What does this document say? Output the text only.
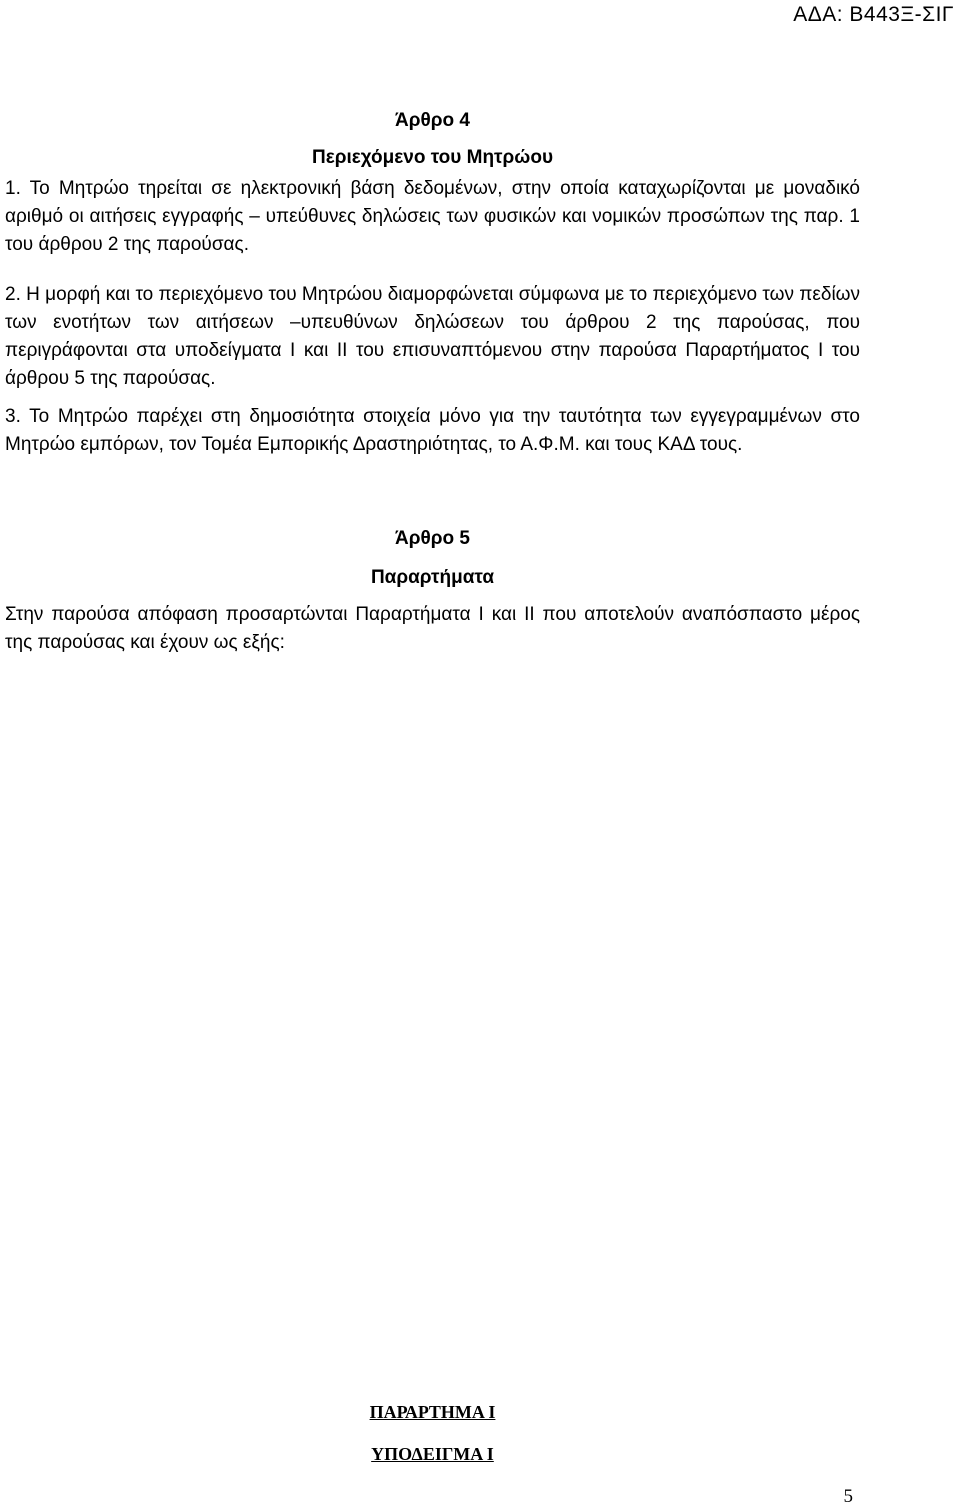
ΑΔΑ: Β443Ξ-ΣΙΓ

Άρθρο 4

Περιεχόμενο του Μητρώου

1. Το Μητρώο τηρείται σε ηλεκτρονική βάση δεδομένων, στην οποία καταχωρίζονται με μοναδικό αριθμό οι αιτήσεις εγγραφής – υπεύθυνες δηλώσεις των φυσικών και νομικών προσώπων της παρ. 1 του άρθρου 2 της παρούσας.

2. Η μορφή και το περιεχόμενο του Μητρώου διαμορφώνεται σύμφωνα με το περιεχόμενο των πεδίων των ενοτήτων των αιτήσεων –υπευθύνων δηλώσεων του άρθρου 2 της παρούσας, που περιγράφονται στα υποδείγματα Ι και ΙΙ του επισυναπτόμενου στην παρούσα Παραρτήματος Ι του άρθρου 5 της παρούσας.

3. Το Μητρώο παρέχει στη δημοσιότητα στοιχεία μόνο για την ταυτότητα των εγγεγραμμένων στο Μητρώο εμπόρων, τον Τομέα Εμπορικής Δραστηριότητας, το Α.Φ.Μ. και τους ΚΑΔ τους.

Άρθρο 5

Παραρτήματα

Στην παρούσα απόφαση προσαρτώνται Παραρτήματα Ι και ΙΙ που αποτελούν αναπόσπαστο μέρος της παρούσας και έχουν ως εξής:

ΠΑΡΑΡΤΗΜΑ Ι

ΥΠΟΔΕΙΓΜΑ Ι

5
